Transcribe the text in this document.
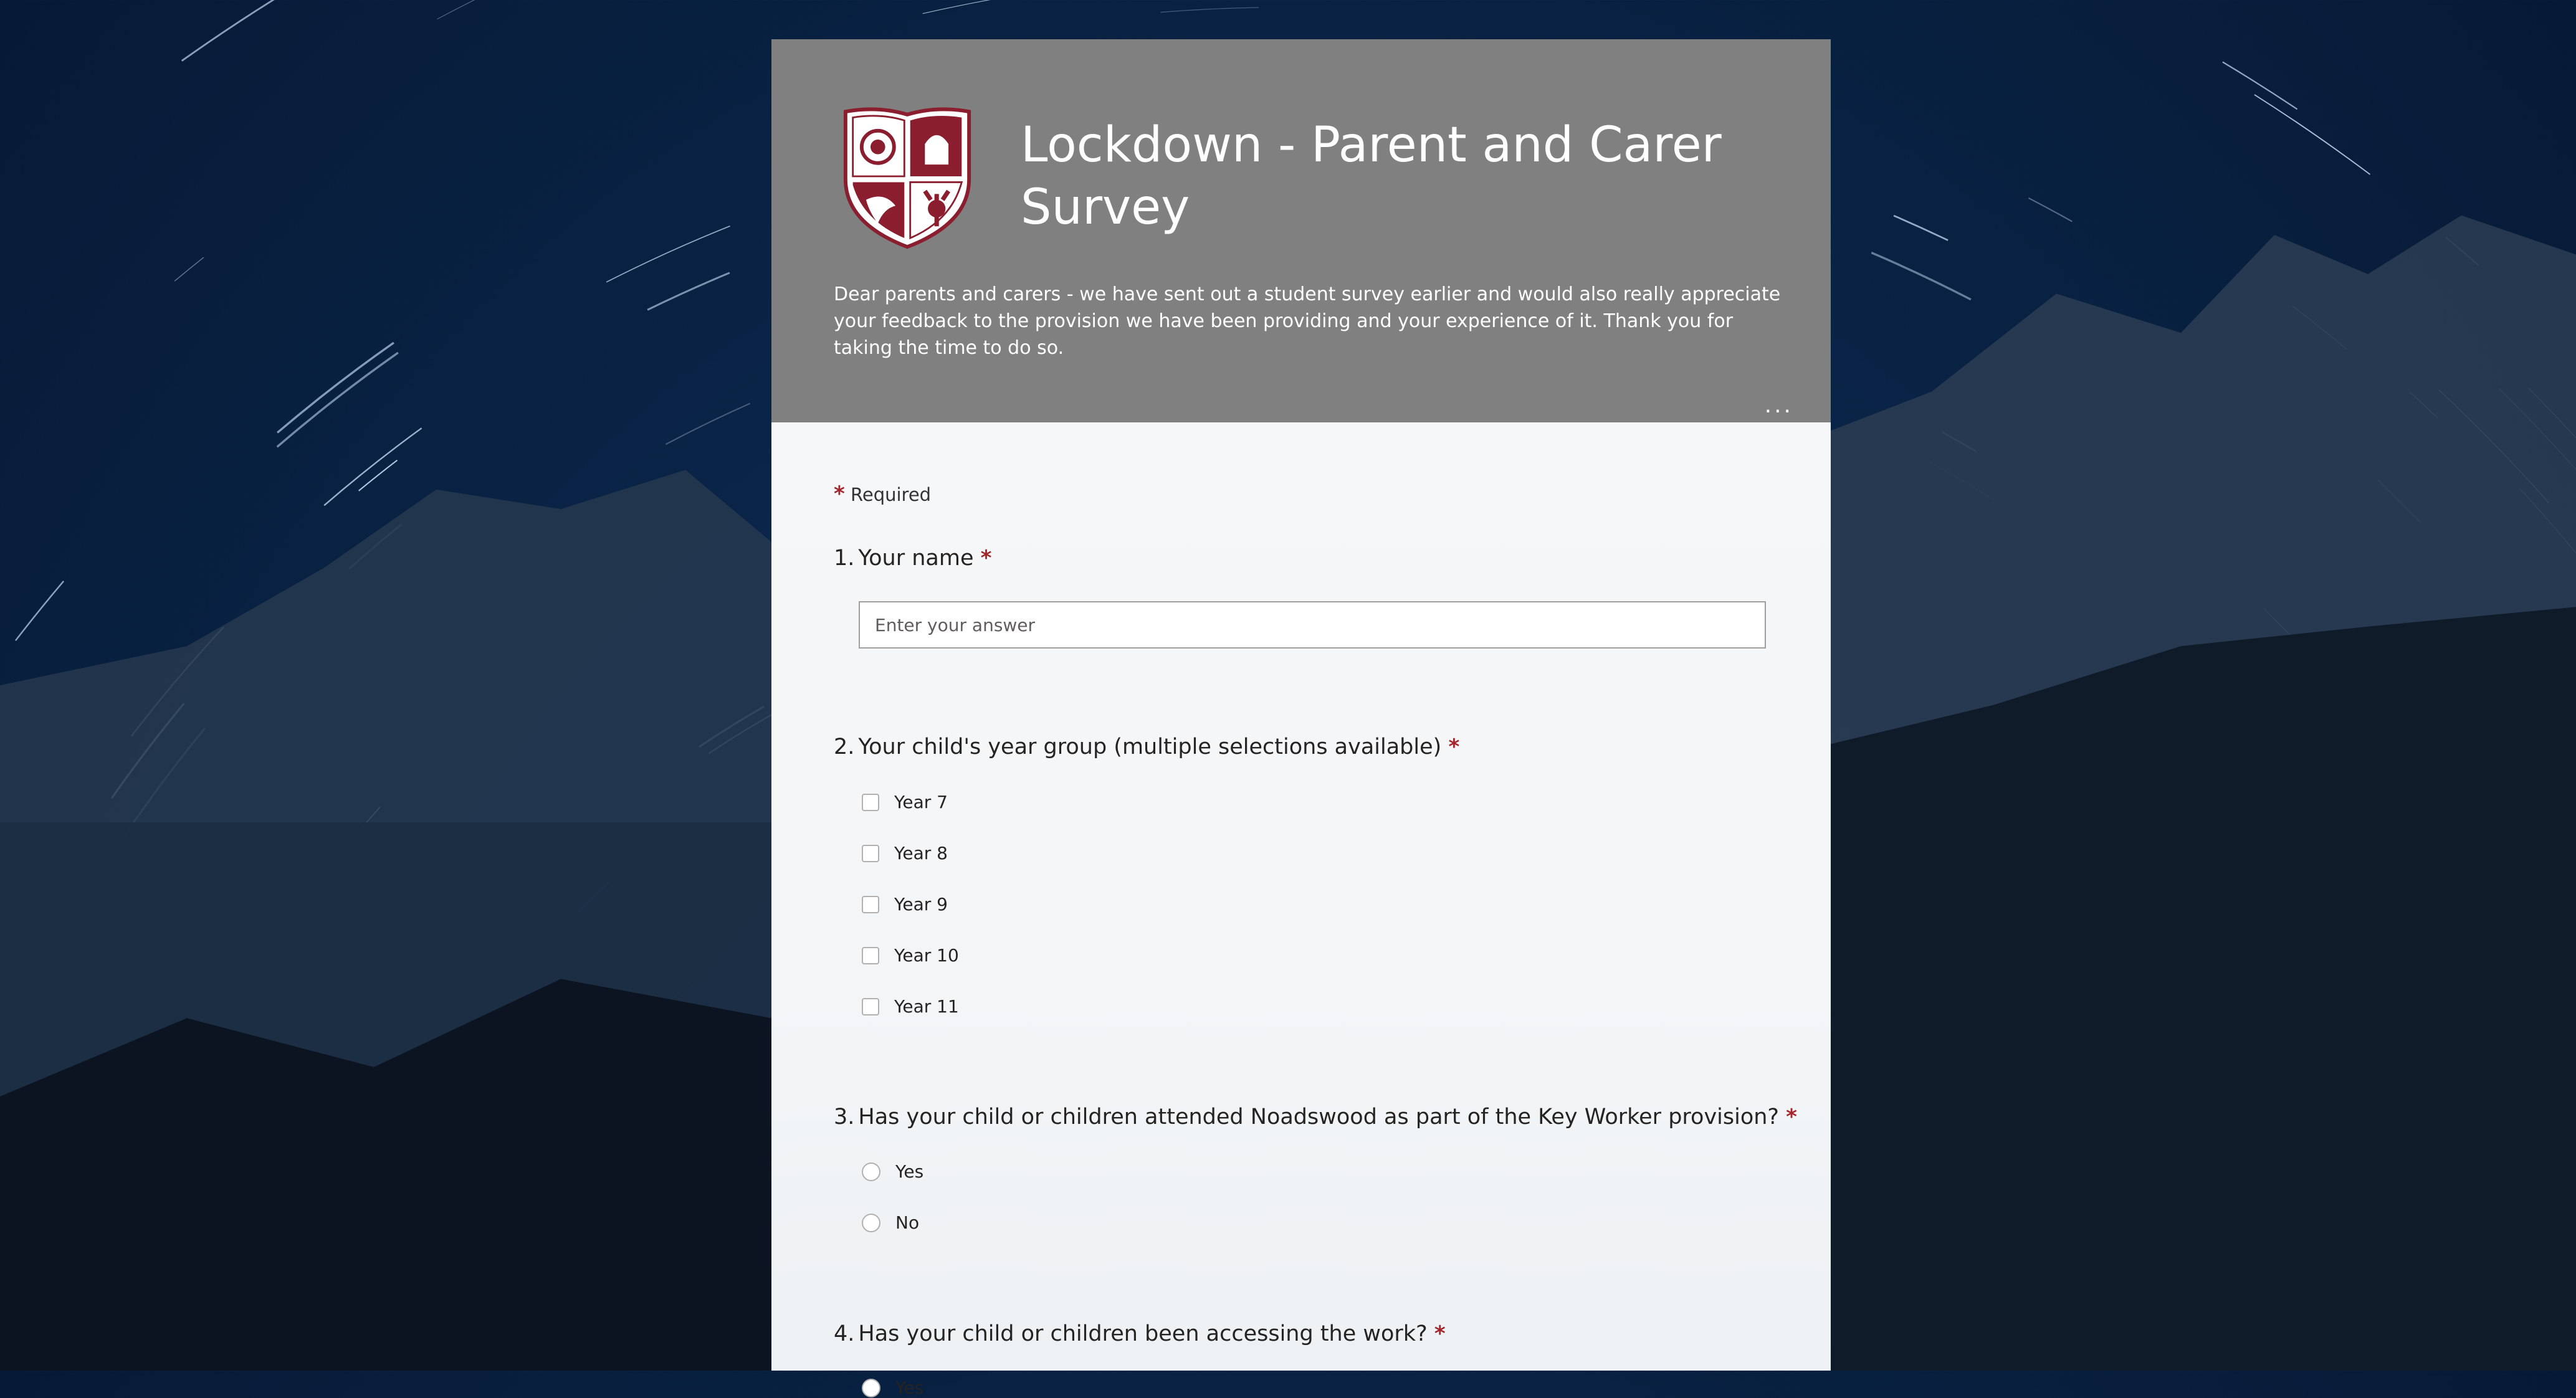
Lockdown - Parent and Carer Survey
Dear parents and carers - we have sent out a student survey earlier and would also really appreciate your feedback to the provision we have been providing and your experience of it. Thank you for taking the time to do so.
...
* Required
1. Your name *
Enter your answer
2. Your child's year group (multiple selections available) *
Year 7
Year 8
Year 9
Year 10
Year 11
3. Has your child or children attended Noadswood as part of the Key Worker provision? *
Yes
No
4. Has your child or children been accessing the work? *
Yes
